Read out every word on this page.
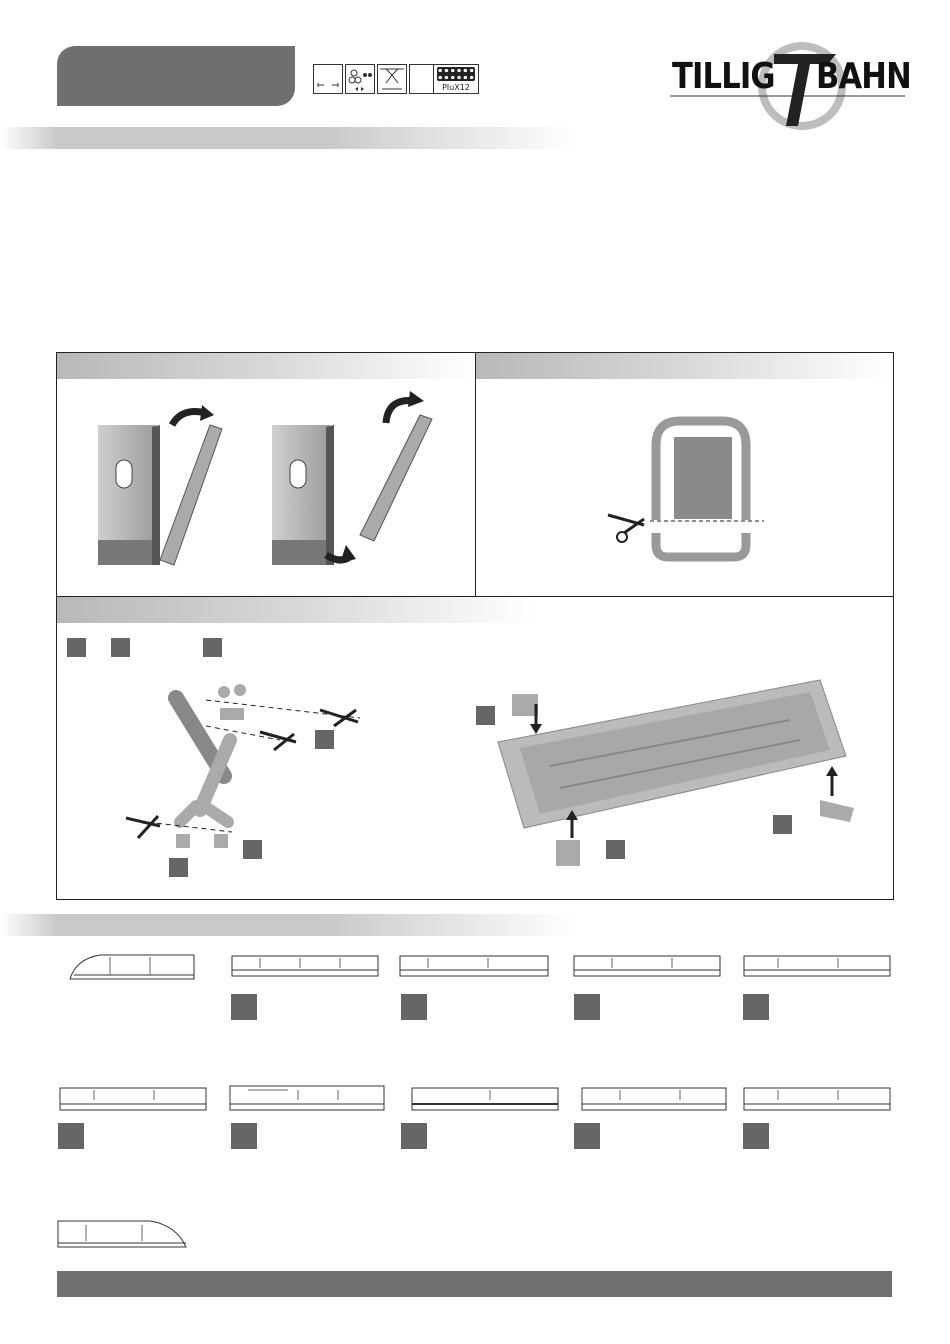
PluX12	TILLIG BAHN
